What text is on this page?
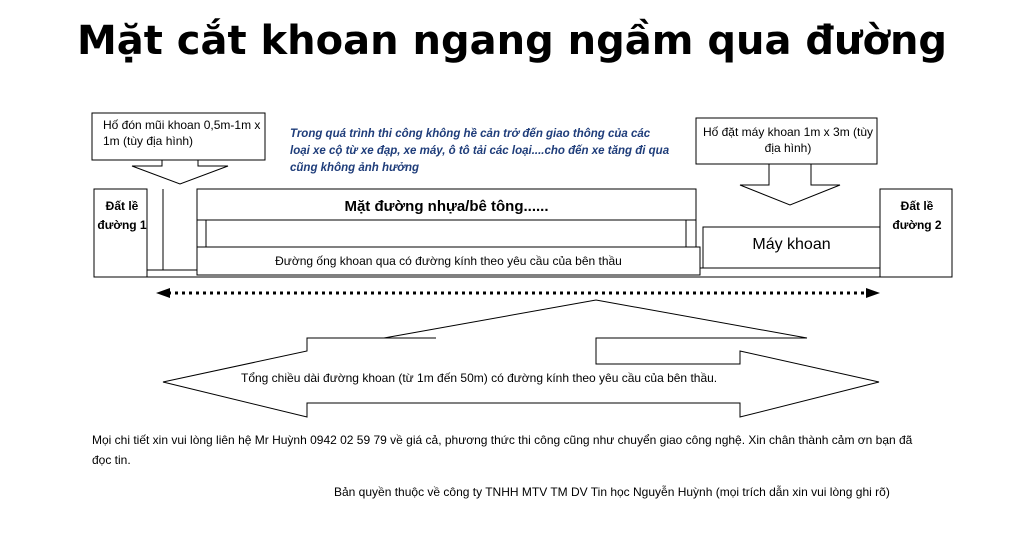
Mặt cắt khoan ngang ngầm qua đường
Hố đón mũi khoan 0,5m-1m x 1m (tùy địa hình)
Hố đặt máy khoan 1m x 3m (tùy địa hình)
Trong quá trình thi công không hề cản trở đến giao thông của các loại xe cộ từ xe đạp, xe máy, ô tô tải các loại....cho đến xe tăng đi qua cũng không ảnh hưởng
Đất lề đường 1
Đất lề đường 2
Mặt đường nhựa/bê tông......
Máy khoan
Đường ống khoan qua có đường kính theo yêu cầu của bên thầu
Tổng chiều dài đường khoan (từ 1m đến 50m) có đường kính theo yêu cầu của bên thầu.
Mọi chi tiết xin vui lòng liên hệ Mr Huỳnh 0942 02 59 79 về giá cả, phương thức thi công cũng như chuyển giao công nghệ. Xin chân thành cảm ơn bạn đã đọc tin.
Bản quyền thuộc về công ty TNHH MTV TM DV Tin học Nguyễn Huỳnh (mọi trích dẫn xin vui lòng ghi rõ)
